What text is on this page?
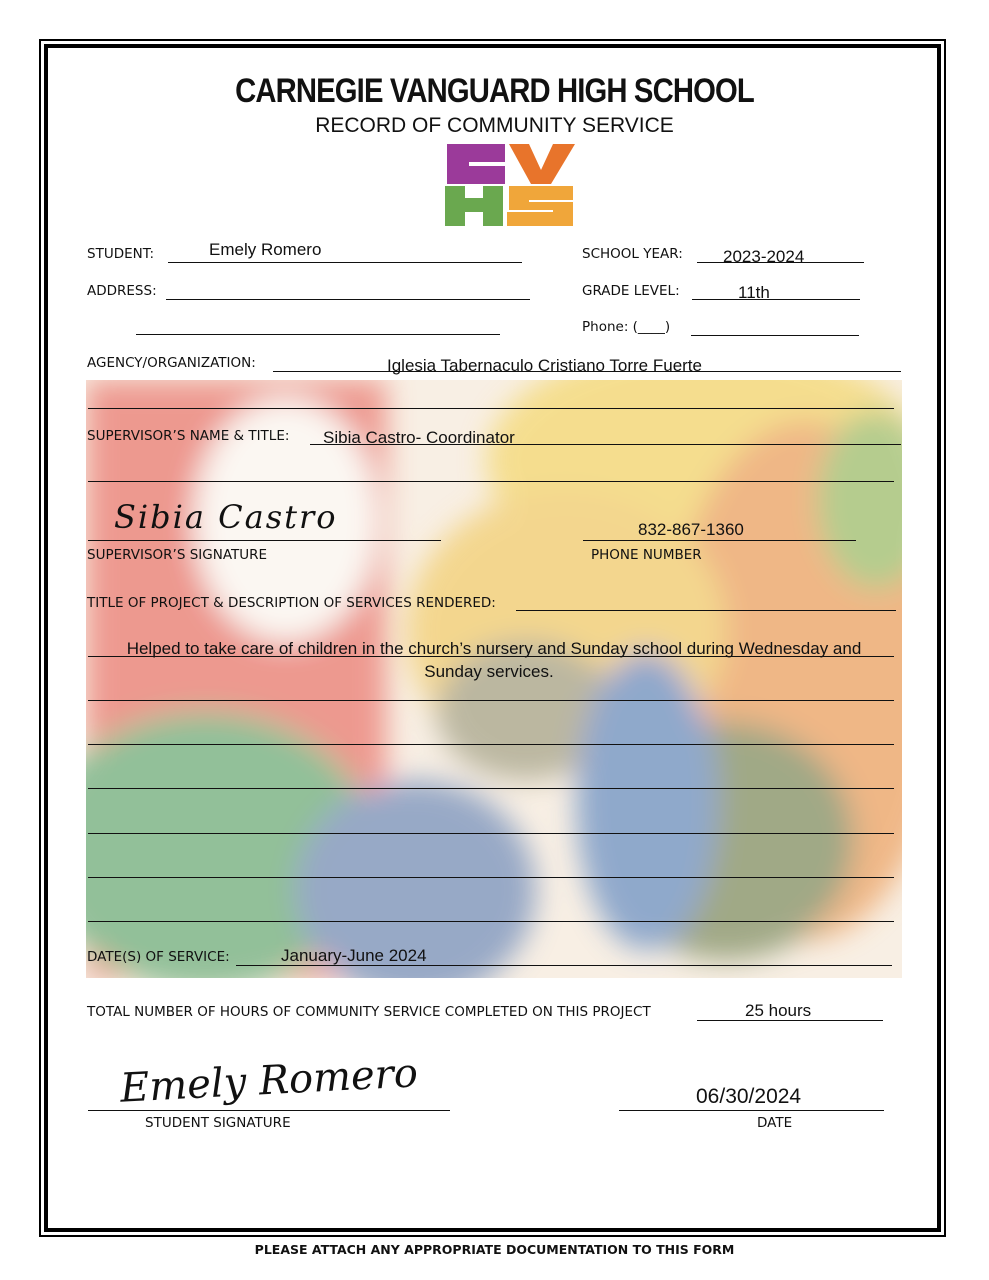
CARNEGIE VANGUARD HIGH SCHOOL
RECORD OF COMMUNITY SERVICE
STUDENT:	Emely Romero	SCHOOL YEAR: 2023-2024
ADDRESS:	GRADE LEVEL:	11th
Phone: (____)
AGENCY/ORGANIZATION:	Iglesia Tabernaculo Cristiano Torre Fuerte
SUPERVISOR’S NAME & TITLE: Sibia Castro- Coordinator
Sibia Castro
SUPERVISOR’S SIGNATURE
832-867-1360
PHONE NUMBER
TITLE OF PROJECT & DESCRIPTION OF SERVICES RENDERED:
Helped to take care of children in the church’s nursery and Sunday school during Wednesday and
Sunday services.
DATE(S) OF SERVICE:	January-June 2024
TOTAL NUMBER OF HOURS OF COMMUNITY SERVICE COMPLETED ON THIS PROJECT	25 hours
Emely Romero
STUDENT SIGNATURE
06/30/2024
DATE
PLEASE ATTACH ANY APPROPRIATE DOCUMENTATION TO THIS FORM
